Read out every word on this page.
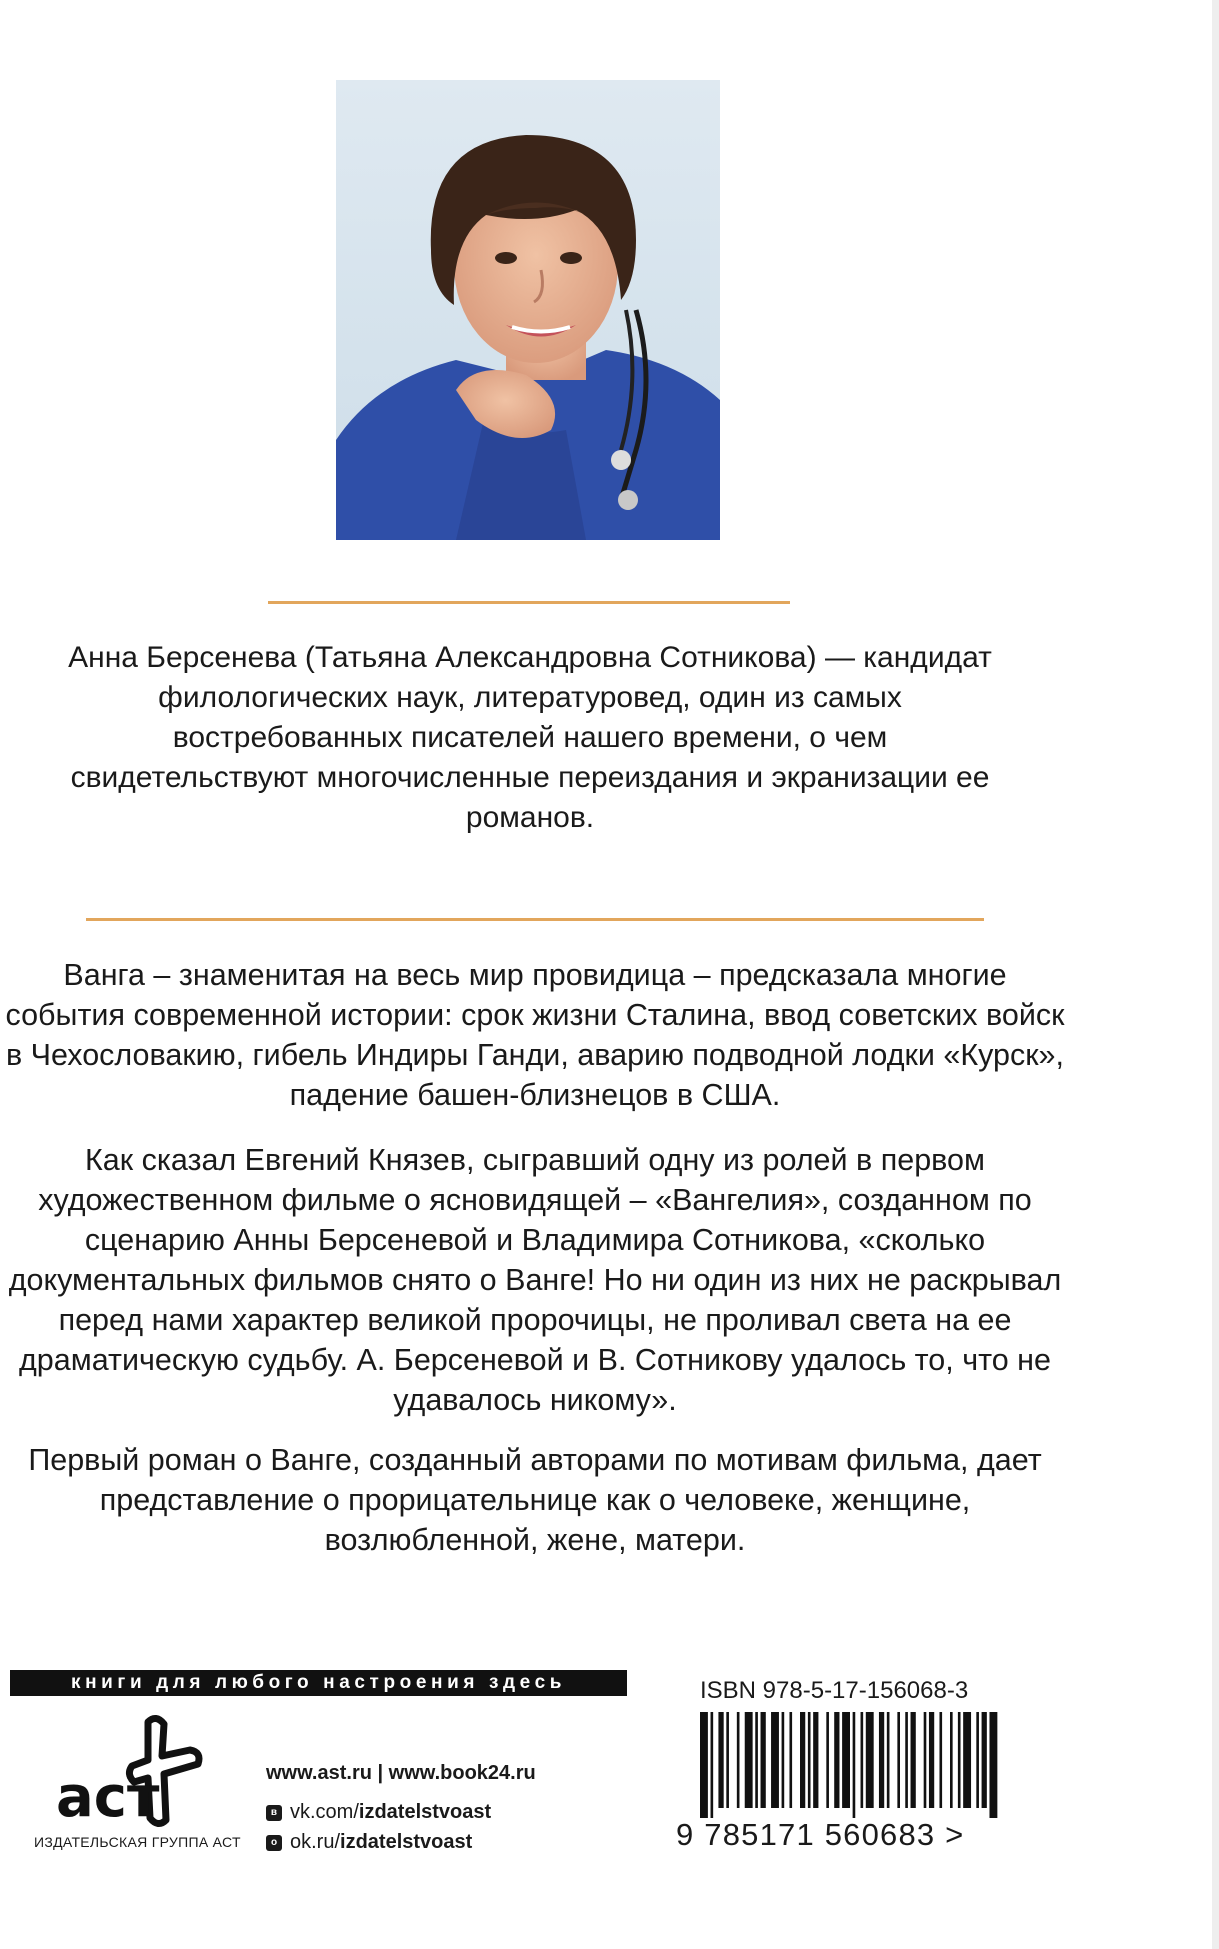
Анна Берсенева (Татьяна Александровна Сотникова) — кандидат филологических наук, литературовед, один из самых востребованных писателей нашего времени, о чем свидетельствуют многочисленные переиздания и экранизации ее романов.

Ванга – знаменитая на весь мир провидица – предсказала многие события современной истории: срок жизни Сталина, ввод советских войск в Чехословакию, гибель Индиры Ганди, аварию подводной лодки «Курск», падение башен-близнецов в США.

Как сказал Евгений Князев, сыгравший одну из ролей в первом художественном фильме о ясновидящей – «Вангелия», созданном по сценарию Анны Берсеневой и Владимира Сотникова, «сколько документальных фильмов снято о Ванге! Но ни один из них не раскрывал перед нами характер великой пророчицы, не проливал света на ее драматическую судьбу. А. Берсеневой и В. Сотникову удалось то, что не удавалось никому».

Первый роман о Ванге, созданный авторами по мотивам фильма, дает представление о прорицательнице как о человеке, женщине, возлюбленной, жене, матери.

книги для любого настроения здесь
acт
ИЗДАТЕЛЬСКАЯ ГРУППА АСТ
www.ast.ru | www.book24.ru
в vk.com/ izdatelstvoast
о ok.ru/ izdatelstvoast
ISBN 978-5-17-156068-3
9 785171 560683 >
